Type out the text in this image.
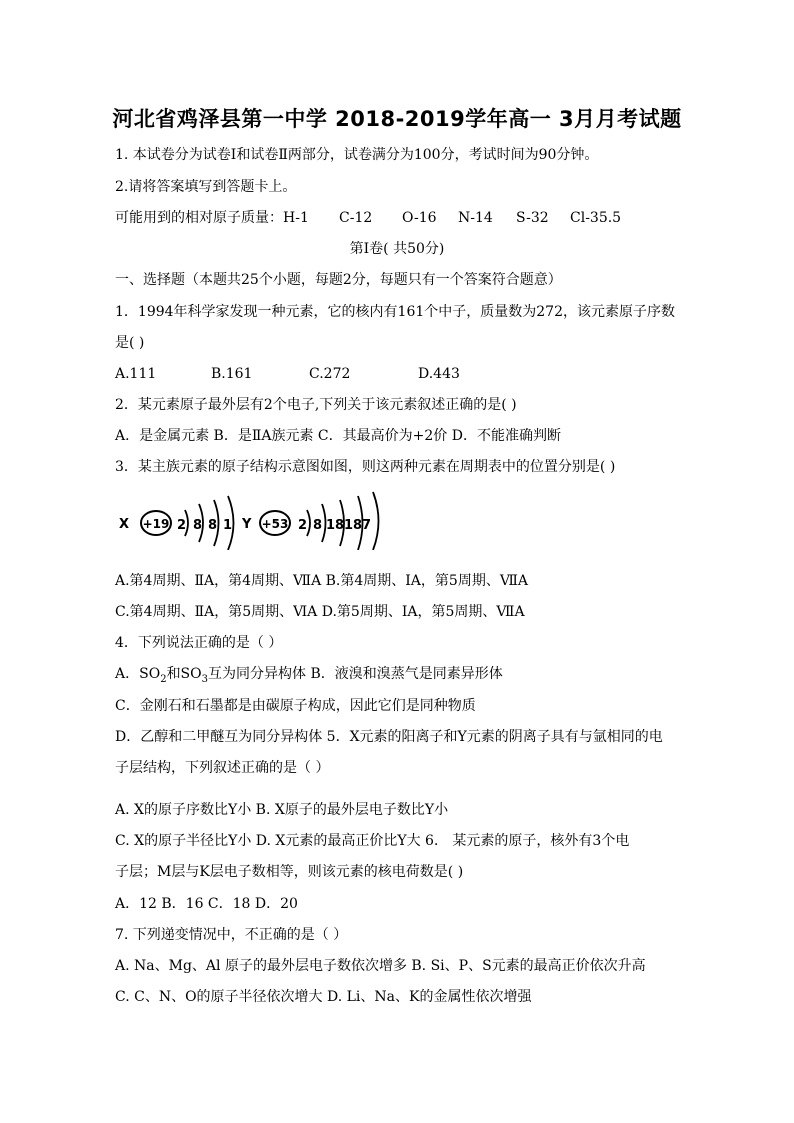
河北省鸡泽县第一中学 2018-2019学年高一 3月月考试题
1. 本试卷分为试卷Ⅰ和试卷Ⅱ两部分，试卷满分为100分，考试时间为90分钟。
2.请将答案填写到答题卡上。
可能用到的相对原子质量： H-1	C-12	O-16	N-14	S-32	Cl-35.5
第Ⅰ卷( 共50分)
一、选择题（本题共25个小题，每题2分，每题只有一个答案符合题意）
1．1994年科学家发现一种元素，它的核内有161个中子，质量数为272，该元素原子序数
是( )
A.111	B.161	C.272	D.443
2．某元素原子最外层有2个电子,下列关于该元素叙述正确的是( )
A．是金属元素 B．是ⅡA族元素 C．其最高价为+2价 D．不能准确判断
3．某主族元素的原子结构示意图如图，则这两种元素在周期表中的位置分别是( )
X +19 2 8 8 1 Y +53 2 8 18 18 7
A.第4周期、ⅡA，第4周期、ⅦA B.第4周期、ⅠA，第5周期、ⅦA
C.第4周期、ⅡA，第5周期、ⅥA D.第5周期、ⅠA，第5周期、ⅦA
4．下列说法正确的是（ ）
A．$SO_2$和$SO_3$互为同分异构体 B．液溴和溴蒸气是同素异形体
C．金刚石和石墨都是由碳原子构成，因此它们是同种物质
D．乙醇和二甲醚互为同分异构体 5．X元素的阳离子和Y元素的阴离子具有与氩相同的电
子层结构，下列叙述正确的是（ ）
A. X的原子序数比Y小 B. X原子的最外层电子数比Y小
C. X的原子半径比Y小 D. X元素的最高正价比Y大 6． 某元素的原子，核外有3个电
子层；M层与K层电子数相等，则该元素的核电荷数是( )
A．12 B．16 C．18 D．20
7. 下列递变情况中，不正确的是（ ）
A. Na、Mg、Al 原子的最外层电子数依次增多 B. Si、P、S元素的最高正价依次升高
C. C、N、O的原子半径依次增大 D. Li、Na、K的金属性依次增强
